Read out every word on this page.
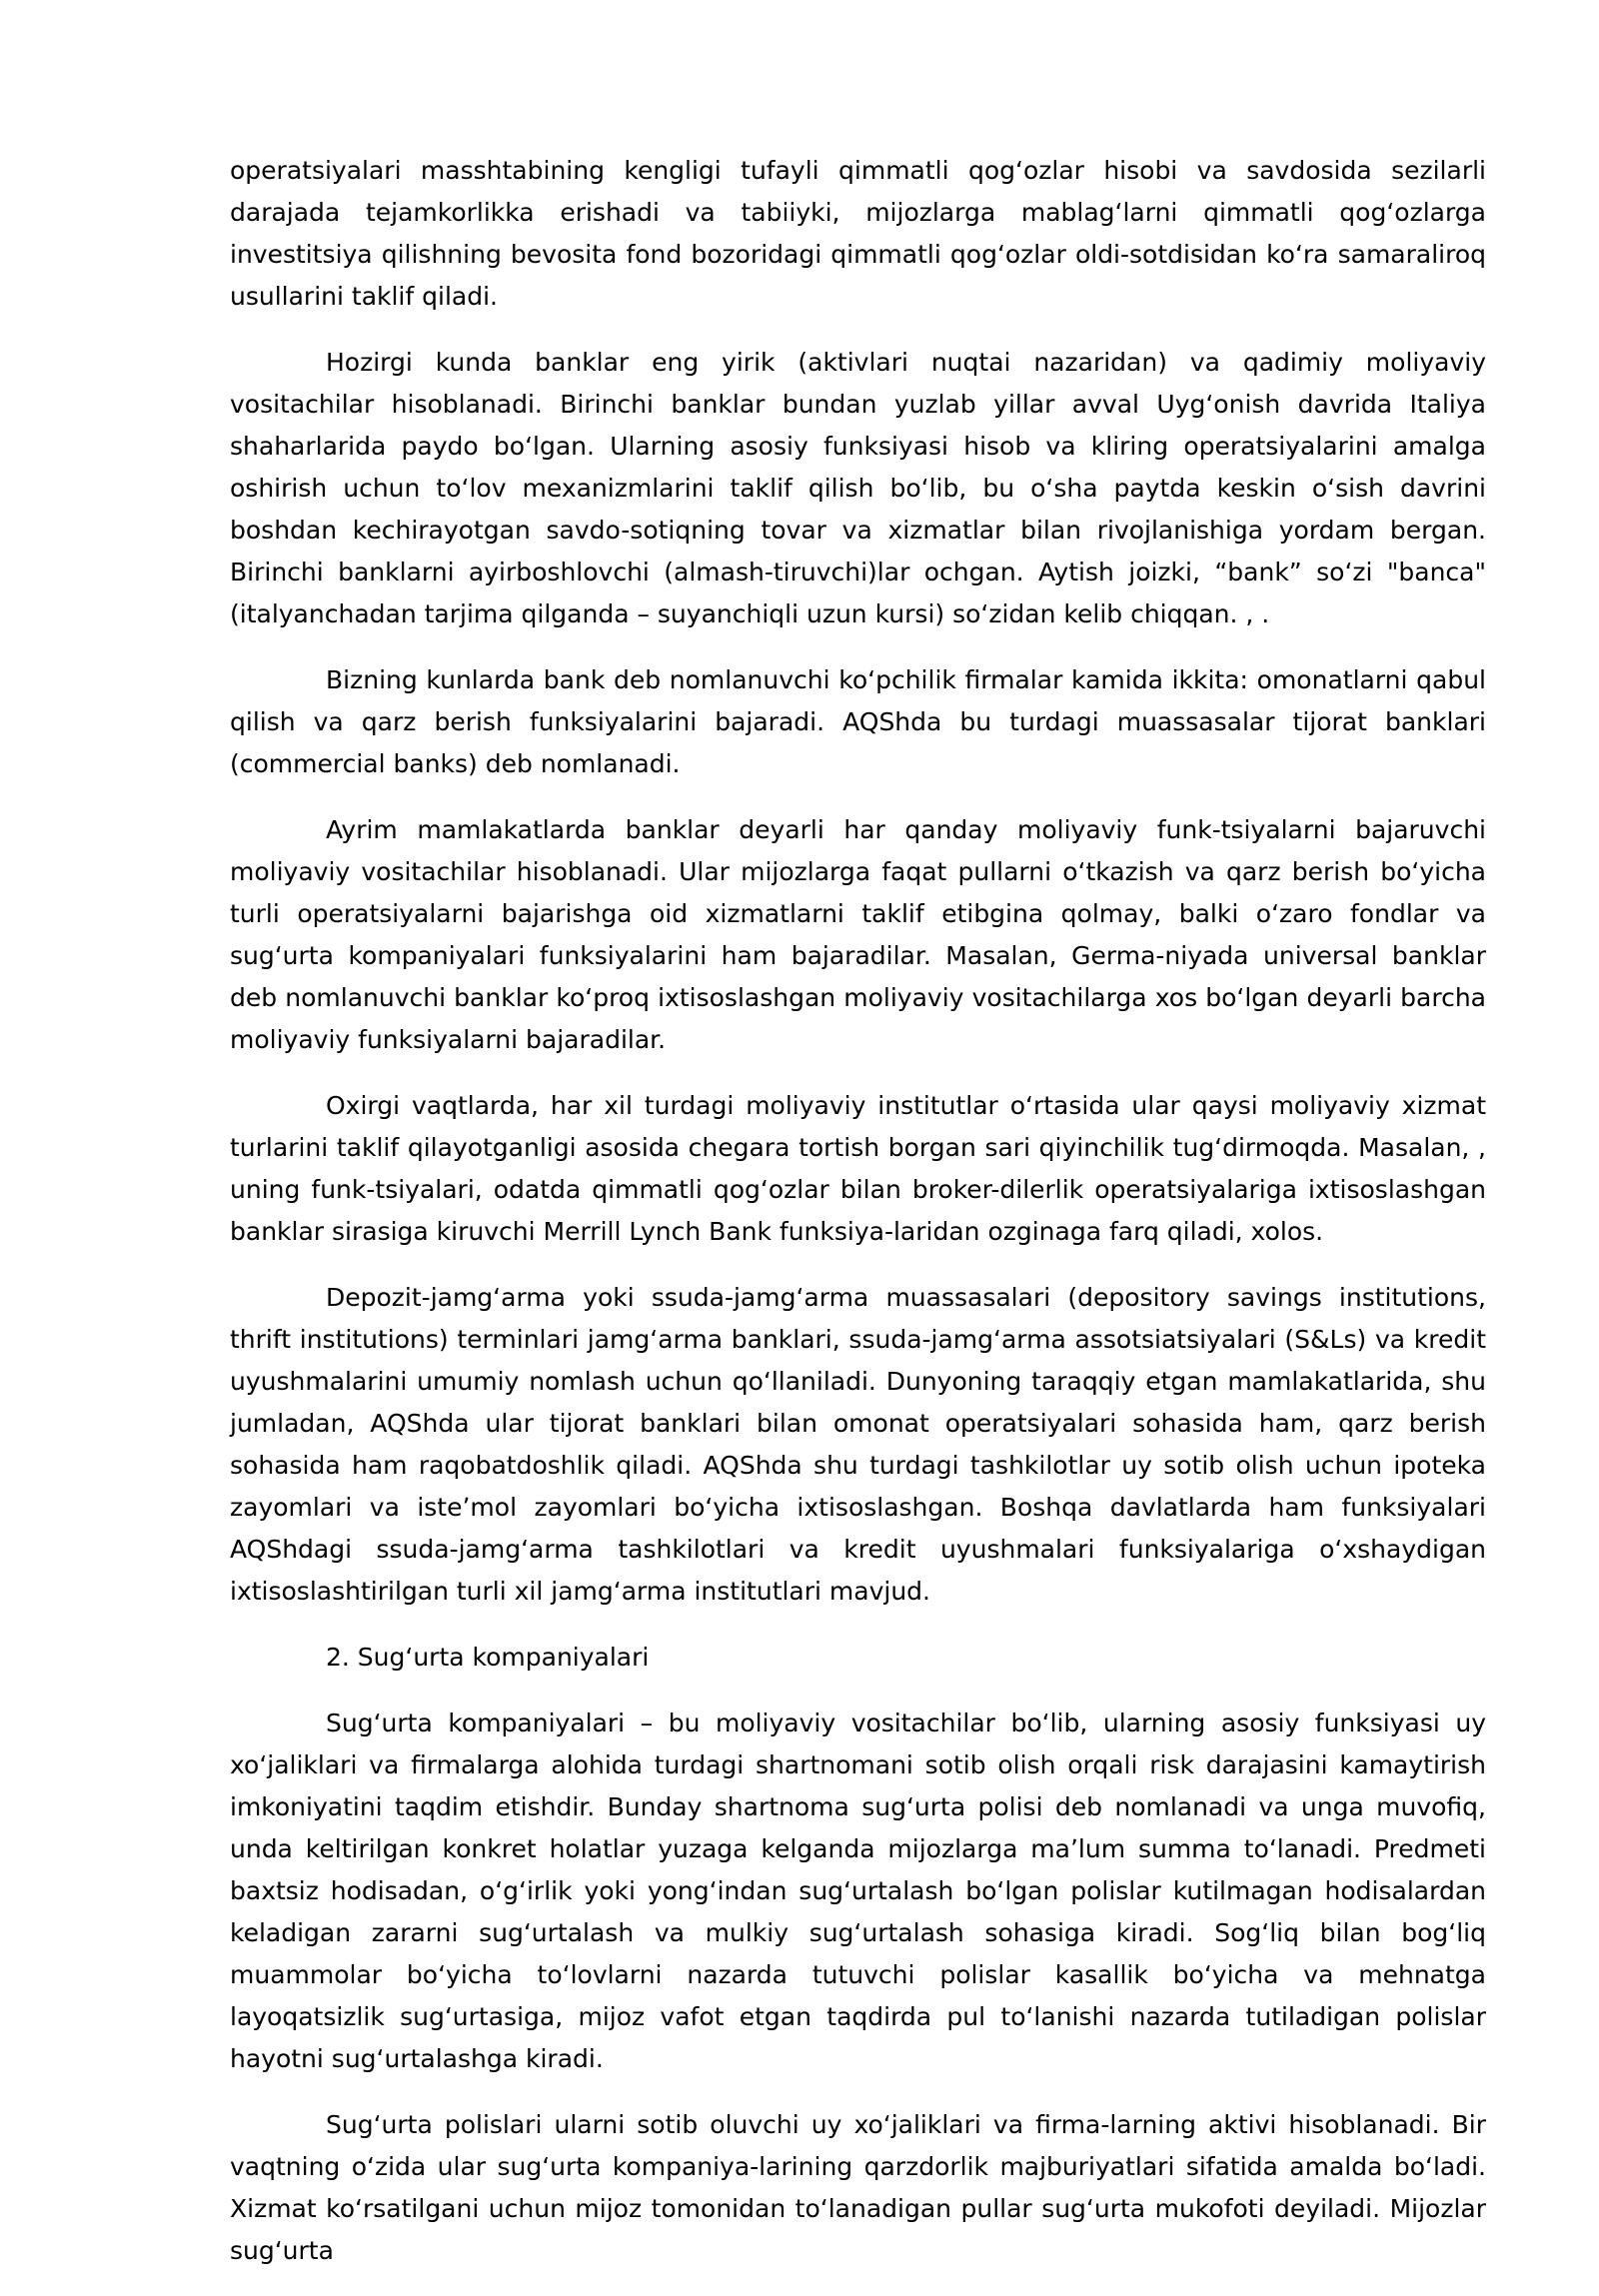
operatsiyalari masshtabining kengligi tufayli qimmatli qogʻozlar hisobi va savdosida sezilarli darajada tejamkorlikka erishadi va tabiiyki, mijozlarga mablagʻlarni qimmatli qogʻozlarga investitsiya qilishning bevosita fond bozoridagi qimmatli qogʻozlar oldi-sotdisidan koʻra samaraliroq usullarini taklif qiladi.

Hozirgi kunda banklar eng yirik (aktivlari nuqtai nazaridan) va qadimiy moliyaviy vositachilar hisoblanadi. Birinchi banklar bundan yuzlab yillar avval Uygʻonish davrida Italiya shaharlarida paydo boʻlgan. Ularning asosiy funksiyasi hisob va kliring operatsiyalarini amalga oshirish uchun toʻlov mexanizmlarini taklif qilish boʻlib, bu oʻsha paytda keskin oʻsish davrini boshdan kechirayotgan savdo-sotiqning tovar va xizmatlar bilan rivojlanishiga yordam bergan. Birinchi banklarni ayirboshlovchi (almash-tiruvchi)lar ochgan. Aytish joizki, “bank” soʻzi "banca" (italyanchadan tarjima qilganda – suyanchiqli uzun kursi) soʻzidan kelib chiqqan. , .

Bizning kunlarda bank deb nomlanuvchi koʻpchilik firmalar kamida ikkita: omonatlarni qabul qilish va qarz berish funksiyalarini bajaradi. AQShda bu turdagi muassasalar tijorat banklari (commercial banks) deb nomlanadi.

Ayrim mamlakatlarda banklar deyarli har qanday moliyaviy funk-tsiyalarni bajaruvchi moliyaviy vositachilar hisoblanadi. Ular mijozlarga faqat pullarni oʻtkazish va qarz berish boʻyicha turli operatsiyalarni bajarishga oid xizmatlarni taklif etibgina qolmay, balki oʻzaro fondlar va sugʻurta kompaniyalari funksiyalarini ham bajaradilar. Masalan, Germa-niyada universal banklar deb nomlanuvchi banklar koʻproq ixtisoslashgan moliyaviy vositachilarga xos boʻlgan deyarli barcha moliyaviy funksiyalarni bajaradilar.

Oxirgi vaqtlarda, har xil turdagi moliyaviy institutlar oʻrtasida ular qaysi moliyaviy xizmat turlarini taklif qilayotganligi asosida chegara tortish borgan sari qiyinchilik tugʻdirmoqda. Masalan, , uning funk-tsiyalari, odatda qimmatli qogʻozlar bilan broker-dilerlik operatsiyalariga ixtisoslashgan banklar sirasiga kiruvchi Merrill Lynch Bank funksiya-laridan ozginaga farq qiladi, xolos.

Depozit-jamgʻarma yoki ssuda-jamgʻarma muassasalari (depository savings institutions, thrift institutions) terminlari jamgʻarma banklari, ssuda-jamgʻarma assotsiatsiyalari (S&Ls) va kredit uyushmalarini umumiy nomlash uchun qoʻllaniladi. Dunyoning taraqqiy etgan mamlakatlarida, shu jumladan, AQShda ular tijorat banklari bilan omonat operatsiyalari sohasida ham, qarz berish sohasida ham raqobatdoshlik qiladi. AQShda shu turdagi tashkilotlar uy sotib olish uchun ipoteka zayomlari va isteʼmol zayomlari boʻyicha ixtisoslashgan. Boshqa davlatlarda ham funksiyalari AQShdagi ssuda-jamgʻarma tashkilotlari va kredit uyushmalari funksiyalariga oʻxshaydigan ixtisoslashtirilgan turli xil jamgʻarma institutlari mavjud.

2. Sugʻurta kompaniyalari

Sugʻurta kompaniyalari – bu moliyaviy vositachilar boʻlib, ularning asosiy funksiyasi uy xoʻjaliklari va firmalarga alohida turdagi shartnomani sotib olish orqali risk darajasini kamaytirish imkoniyatini taqdim etishdir. Bunday shartnoma sugʻurta polisi deb nomlanadi va unga muvofiq, unda keltirilgan konkret holatlar yuzaga kelganda mijozlarga maʼlum summa toʻlanadi. Predmeti baxtsiz hodisadan, oʻgʻirlik yoki yongʻindan sugʻurtalash boʻlgan polislar kutilmagan hodisalardan keladigan zararni sugʻurtalash va mulkiy sugʻurtalash sohasiga kiradi. Sogʻliq bilan bogʻliq muammolar boʻyicha toʻlovlarni nazarda tutuvchi polislar kasallik boʻyicha va mehnatga layoqatsizlik sugʻurtasiga, mijoz vafot etgan taqdirda pul toʻlanishi nazarda tutiladigan polislar hayotni sugʻurtalashga kiradi.

Sugʻurta polislari ularni sotib oluvchi uy xoʻjaliklari va firma-larning aktivi hisoblanadi. Bir vaqtning oʻzida ular sugʻurta kompaniya-larining qarzdorlik majburiyatlari sifatida amalda boʻladi. Xizmat koʻrsatilgani uchun mijoz tomonidan toʻlanadigan pullar sugʻurta mukofoti deyiladi. Mijozlar sugʻurta
